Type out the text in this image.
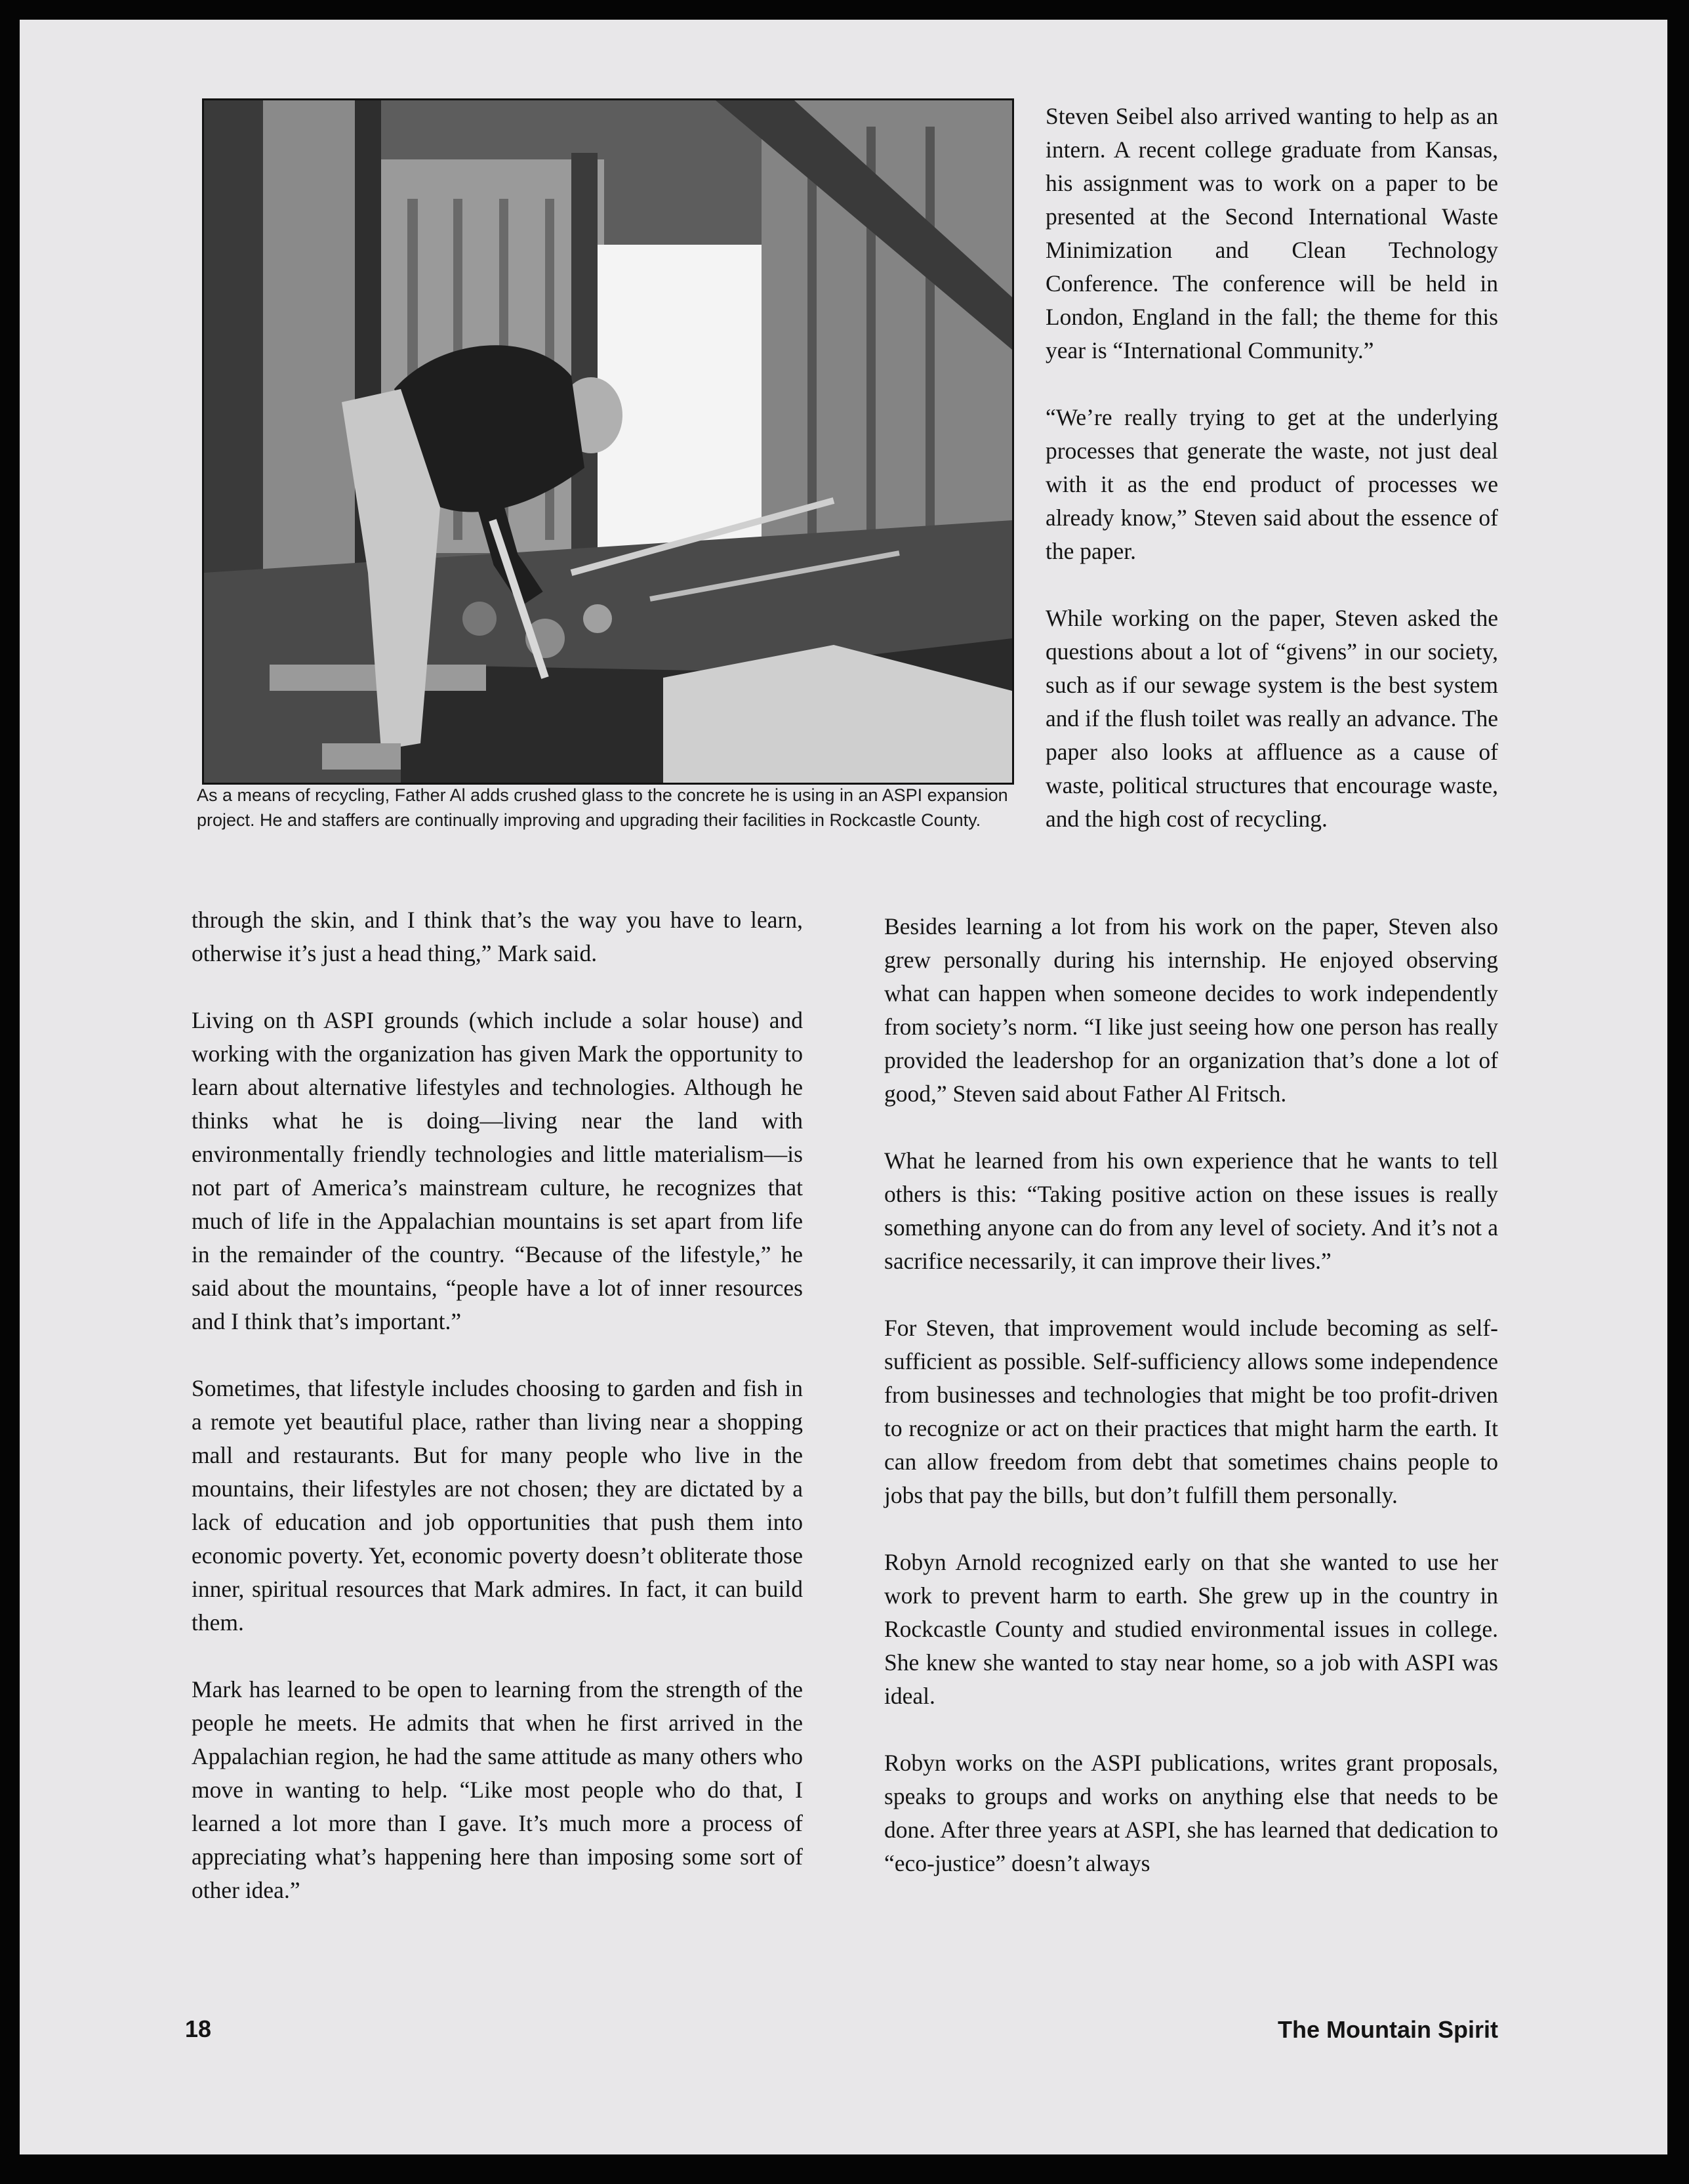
As a means of recycling, Father Al adds crushed glass to the concrete he is using in an ASPI expansion project. He and staffers are continually improving and upgrading their facilities in Rockcastle County.

Steven Seibel also arrived wanting to help as an intern. A recent college graduate from Kansas, his assignment was to work on a paper to be presented at the Second International Waste Minimization and Clean Technology Conference. The conference will be held in London, England in the fall; the theme for this year is “International Community.”

“We’re really trying to get at the underlying processes that generate the waste, not just deal with it as the end product of processes we already know,” Steven said about the essence of the paper.

While working on the paper, Steven asked the questions about a lot of “givens” in our society, such as if our sewage system is the best system and if the flush toilet was really an advance. The paper also looks at affluence as a cause of waste, political structures that encourage waste, and the high cost of recycling.

through the skin, and I think that’s the way you have to learn, otherwise it’s just a head thing,” Mark said.

Living on th ASPI grounds (which include a solar house) and working with the organization has given Mark the opportunity to learn about alternative lifestyles and technologies. Although he thinks what he is doing—living near the land with environmentally friendly technologies and little materialism—is not part of America’s mainstream culture, he recognizes that much of life in the Appalachian mountains is set apart from life in the remainder of the country. “Because of the lifestyle,” he said about the mountains, “people have a lot of inner resources and I think that’s important.”

Sometimes, that lifestyle includes choosing to garden and fish in a remote yet beautiful place, rather than living near a shopping mall and restaurants. But for many people who live in the mountains, their lifestyles are not chosen; they are dictated by a lack of education and job opportunities that push them into economic poverty. Yet, economic poverty doesn’t obliterate those inner, spiritual resources that Mark admires. In fact, it can build them.

Mark has learned to be open to learning from the strength of the people he meets. He admits that when he first arrived in the Appalachian region, he had the same attitude as many others who move in wanting to help. “Like most people who do that, I learned a lot more than I gave. It’s much more a process of appreciating what’s happening here than imposing some sort of other idea.”

Besides learning a lot from his work on the paper, Steven also grew personally during his internship. He enjoyed observing what can happen when someone decides to work independently from society’s norm. “I like just seeing how one person has really provided the leadershop for an organization that’s done a lot of good,” Steven said about Father Al Fritsch.

What he learned from his own experience that he wants to tell others is this: “Taking positive action on these issues is really something anyone can do from any level of society. And it’s not a sacrifice necessarily, it can improve their lives.”

For Steven, that improvement would include becoming as self-sufficient as possible. Self-sufficiency allows some independence from businesses and technologies that might be too profit-driven to recognize or act on their practices that might harm the earth. It can allow freedom from debt that sometimes chains people to jobs that pay the bills, but don’t fulfill them personally.

Robyn Arnold recognized early on that she wanted to use her work to prevent harm to earth. She grew up in the country in Rockcastle County and studied environmental issues in college. She knew she wanted to stay near home, so a job with ASPI was ideal.

Robyn works on the ASPI publications, writes grant proposals, speaks to groups and works on anything else that needs to be done. After three years at ASPI, she has learned that dedication to “eco-justice” doesn’t always

18	The Mountain Spirit
